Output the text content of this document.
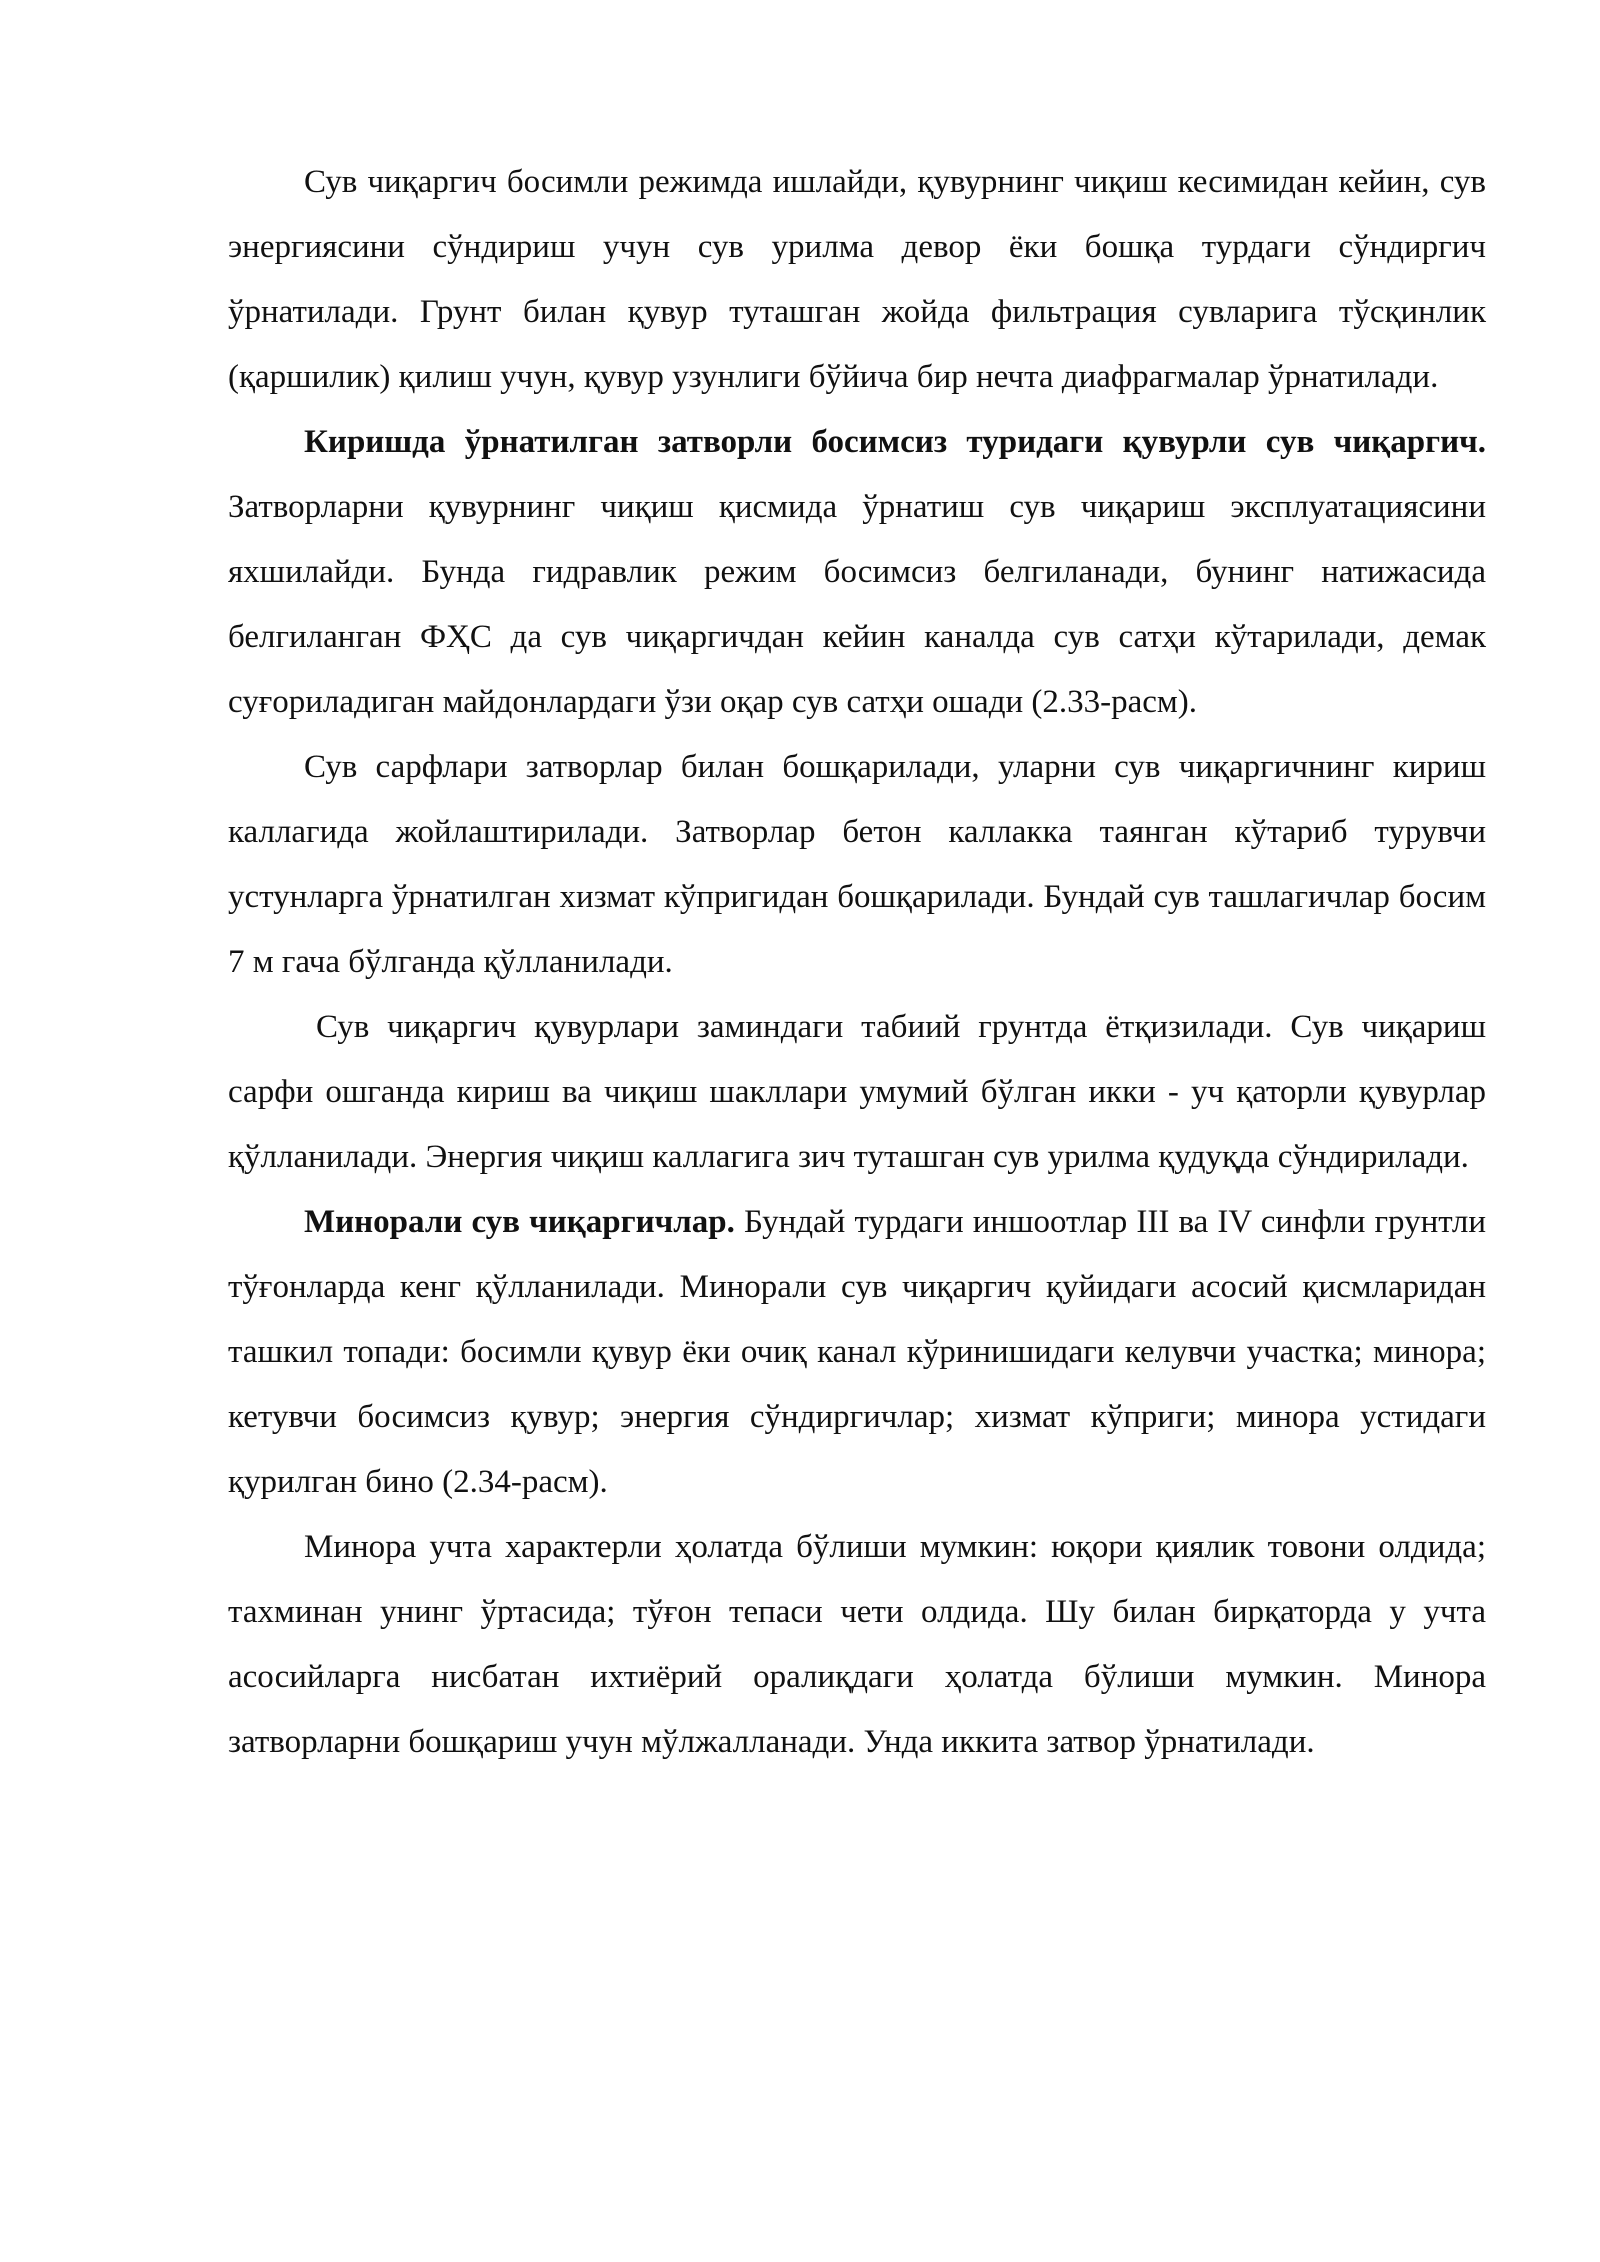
Сув чиқаргич босимли режимда ишлайди, қувурнинг чиқиш кесимидан кейин, сув энергиясини сўндириш учун сув урилма девор ёки бошқа турдаги сўндиргич ўрнатилади. Грунт билан қувур туташган жойда фильтрация сувларига тўсқинлик (қаршилик) қилиш учун, қувур узунлиги бўйича бир нечта диафрагмалар ўрнатилади.

Киришда ўрнатилган затворли босимсиз туридаги қувурли сув чиқаргич. Затворларни қувурнинг чиқиш қисмида ўрнатиш сув чиқариш эксплуатациясини яхшилайди. Бунда гидравлик режим босимсиз белгиланади, бунинг натижасида белгиланган ФҲС да сув чиқаргичдан кейин каналда сув сатҳи кўтарилади, демак суғориладиган майдонлардаги ўзи оқар сув сатҳи ошади (2.33-расм).

Сув сарфлари затворлар билан бошқарилади, уларни сув чиқаргичнинг кириш каллагида жойлаштирилади. Затворлар бетон каллакка таянган кўтариб турувчи устунларга ўрнатилган хизмат кўпригидан бошқарилади. Бундай сув ташлагичлар босим 7 м гача бўлганда қўлланилади.

Сув чиқаргич қувурлари заминдаги табиий грунтда ётқизилади. Сув чиқариш сарфи ошганда кириш ва чиқиш шакллари умумий бўлган икки - уч қаторли қувурлар қўлланилади. Энергия чиқиш каллагига зич туташган сув урилма қудуқда сўндирилади.

Минорали сув чиқаргичлар. Бундай турдаги иншоотлар III ва IV синфли грунтли тўғонларда кенг қўлланилади. Минорали сув чиқаргич қуйидаги асосий қисмларидан ташкил топади: босимли қувур ёки очиқ канал кўринишидаги келувчи участка; минора; кетувчи босимсиз қувур; энергия сўндиргичлар; хизмат кўприги; минора устидаги қурилган бино (2.34-расм).

Минора учта характерли ҳолатда бўлиши мумкин: юқори қиялик товони олдида; тахминан унинг ўртасида; тўғон тепаси чети олдида. Шу билан бирқаторда у учта асосийларга нисбатан ихтиёрий оралиқдаги ҳолатда бўлиши мумкин. Минора затворларни бошқариш учун мўлжалланади. Унда иккита затвор ўрнатилади.
